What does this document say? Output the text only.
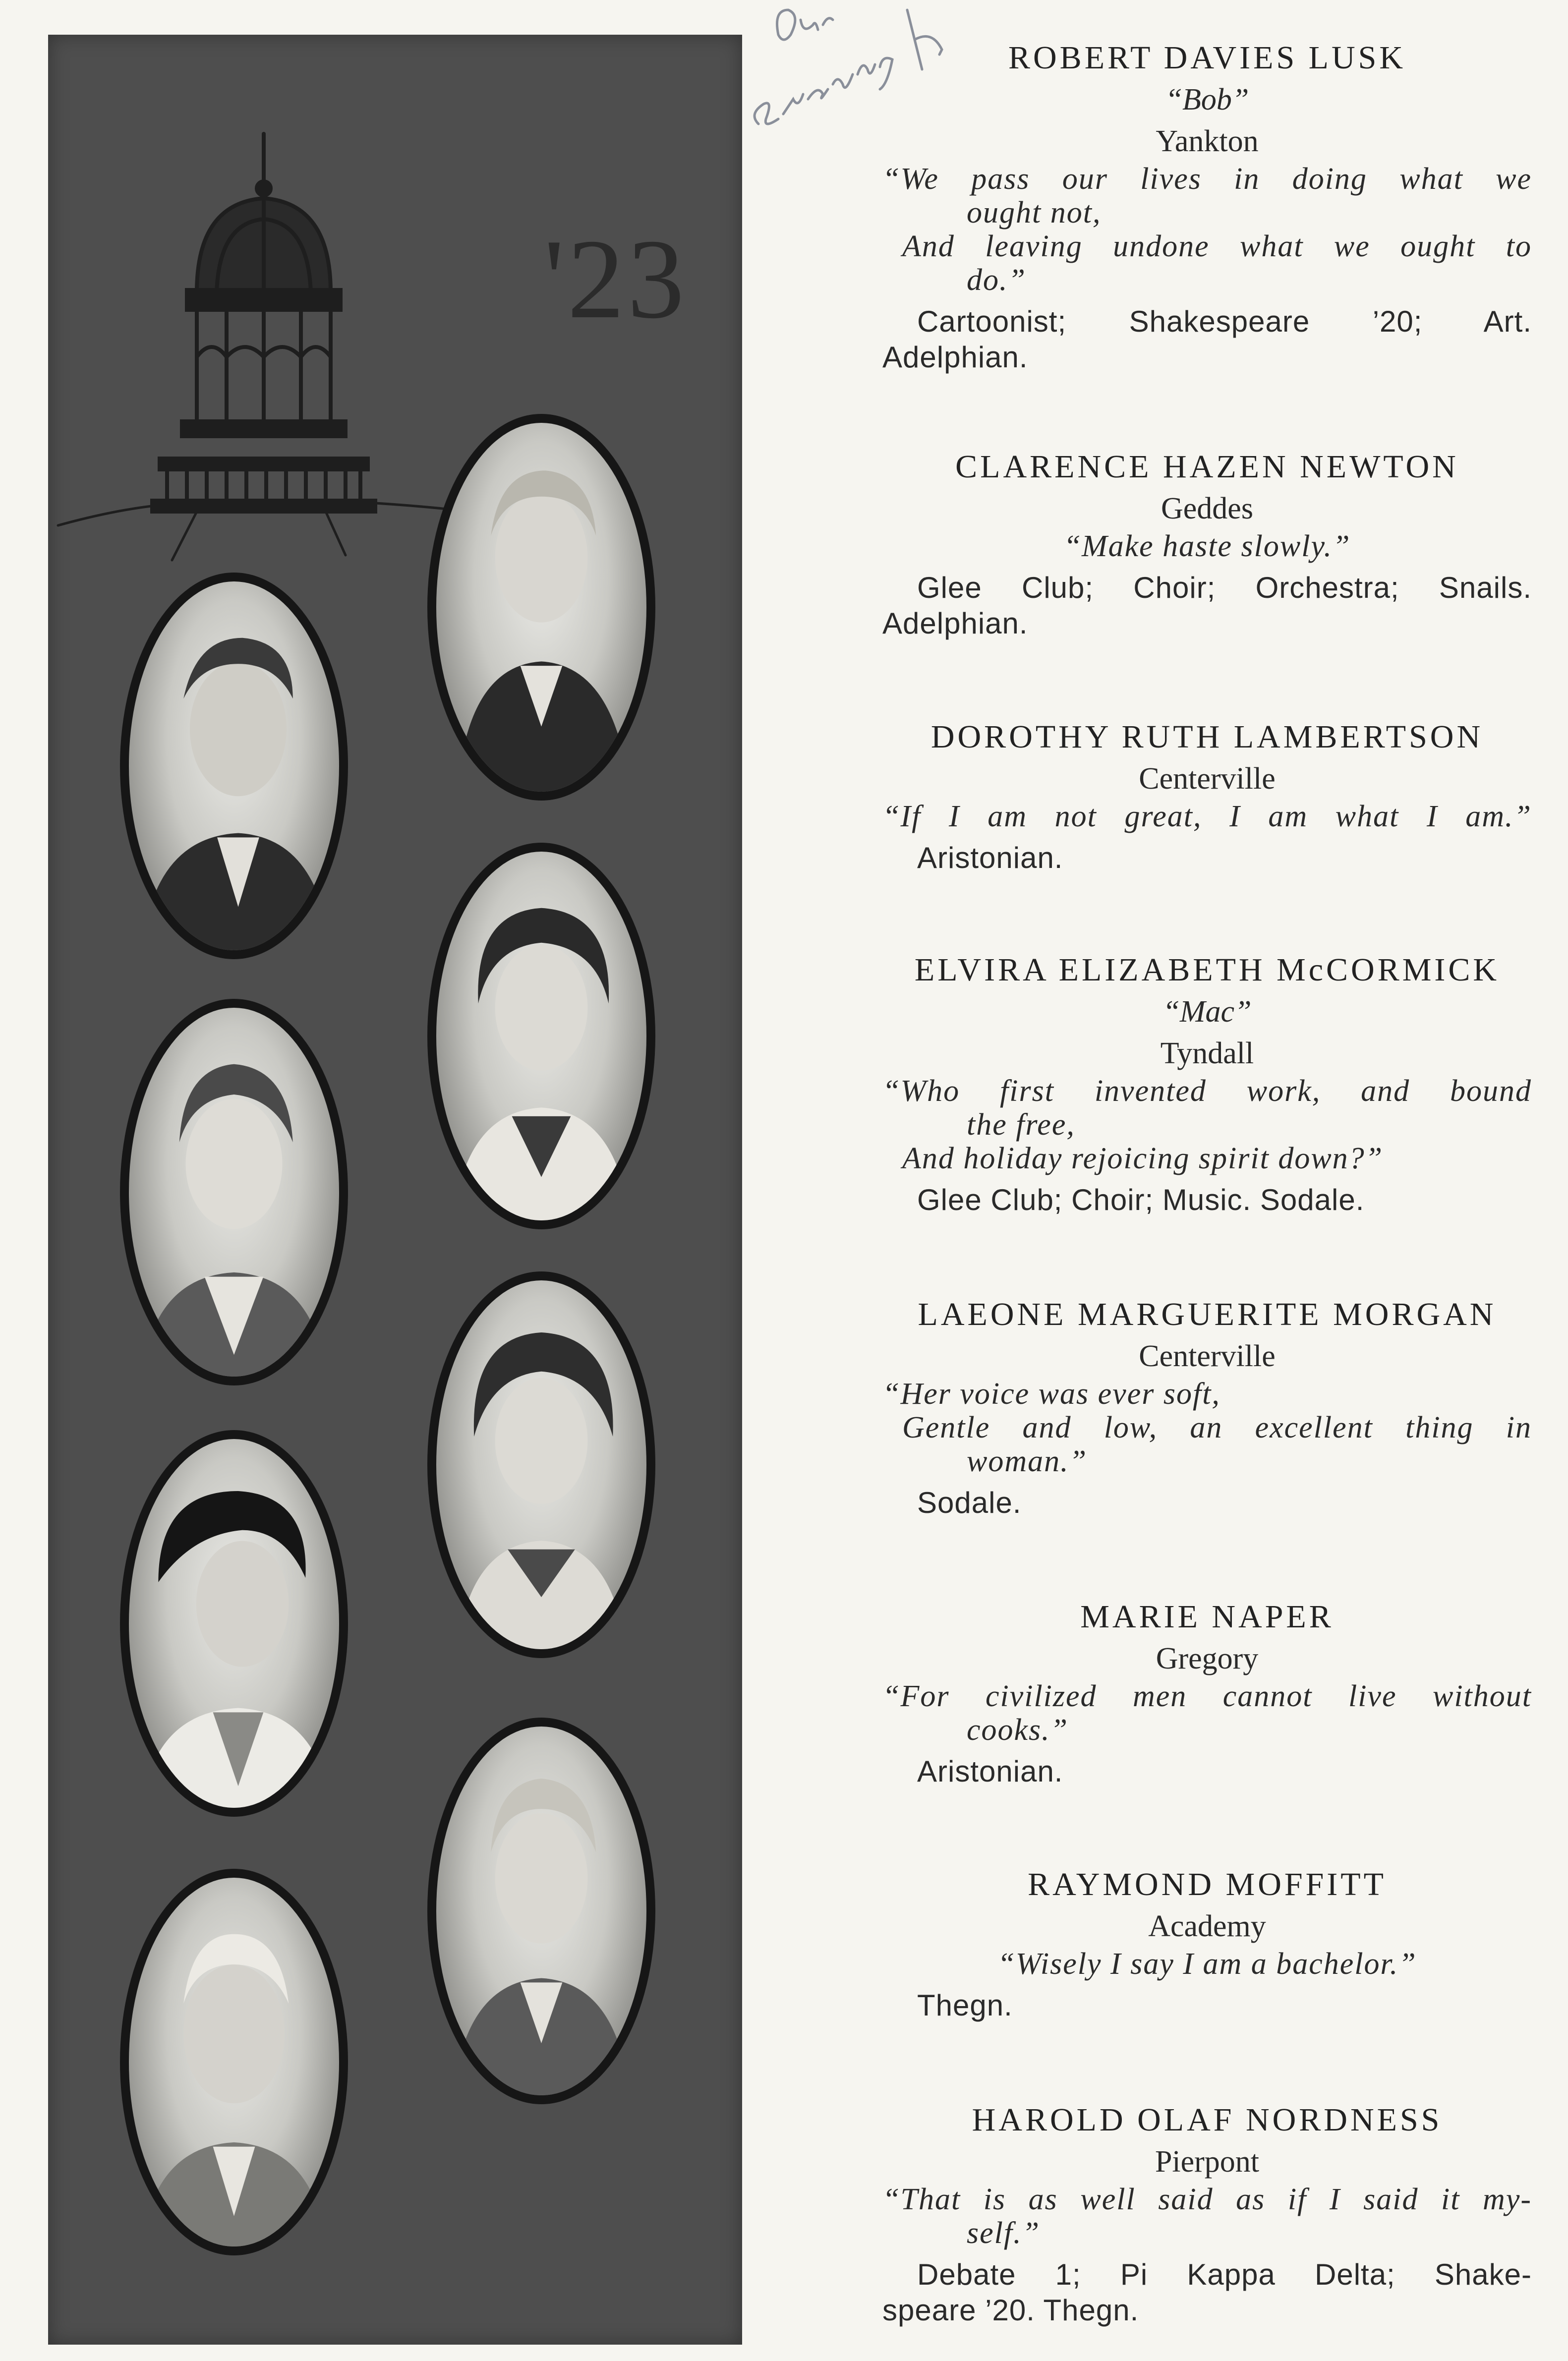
'23
ROBERT DAVIES LUSK
“Bob”
Yankton
“We pass our lives in doing what we
ought not,
And leaving undone what we ought to
do.”
Cartoonist; Shakespeare ’20; Art.
Adelphian.
CLARENCE HAZEN NEWTON
Geddes
“Make haste slowly.”
Glee Club; Choir; Orchestra; Snails.
Adelphian.
DOROTHY RUTH LAMBERTSON
Centerville
“If I am not great, I am what I am.”
Aristonian.
ELVIRA ELIZABETH McCORMICK
“Mac”
Tyndall
“Who first invented work, and bound
the free,
And holiday rejoicing spirit down?”
Glee Club; Choir; Music. Sodale.
LAEONE MARGUERITE MORGAN
Centerville
“Her voice was ever soft,
Gentle and low, an excellent thing in
woman.”
Sodale.
MARIE NAPER
Gregory
“For civilized men cannot live without
cooks.”
Aristonian.
RAYMOND MOFFITT
Academy
“Wisely I say I am a bachelor.”
Thegn.
HAROLD OLAF NORDNESS
Pierpont
“That is as well said as if I said it my-
self.”
Debate 1; Pi Kappa Delta; Shake-
speare ’20. Thegn.
